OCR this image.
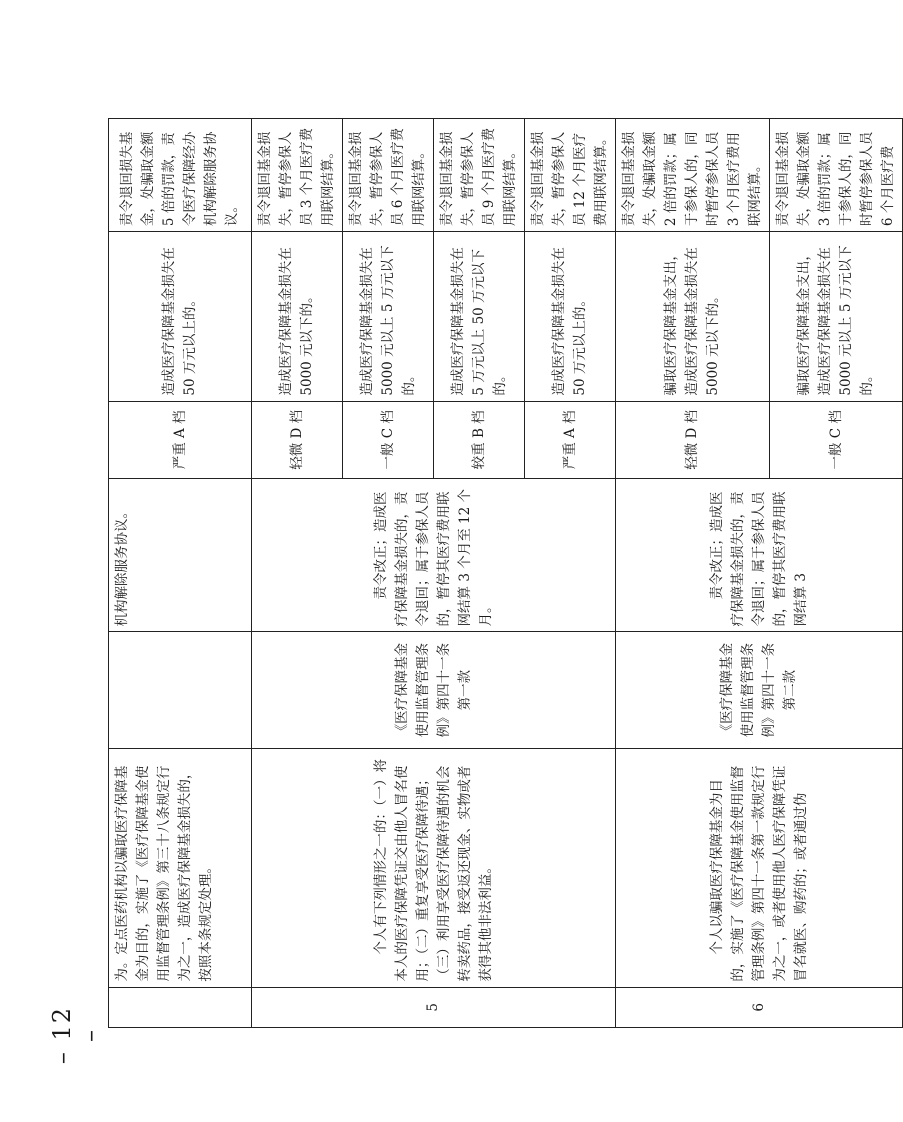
	为。定点医药机构以骗取医疗保障基金为目的，实施了《医疗保障基金使用监督管理条例》第三十八条规定行为之一，造成医疗保障基金损失的，按照本条规定处理。		机构解除服务协议。	严重 A 档	造成医疗保障基金损失在 50 万元以上的。	责令退回损失基金，处骗取金额 5 倍的罚款，责令医疗保障经办机构解除服务协议。
5	个人有下列情形之一的：（一）将本人的医疗保障凭证交由他人冒名使用；（二）重复享受医疗保障待遇；（三）利用享受医疗保障待遇的机会转卖药品，接受返还现金、实物或者获得其他非法利益。	《医疗保障基金使用监督管理条例》第四十一条第一款	责令改正；造成医疗保障基金损失的，责令退回；属于参保人员的，暂停其医疗费用联网结算 3 个月至 12 个月。	轻微 D 档	造成医疗保障基金损失在 5000 元以下的。	责令退回基金损失，暂停参保人员 3 个月医疗费用联网结算。
				一般 C 档	造成医疗保障基金损失在 5000 元以上 5 万元以下的。	责令退回基金损失，暂停参保人员 6 个月医疗费用联网结算。
				较重 B 档	造成医疗保障基金损失在 5 万元以上 50 万元以下的。	责令退回基金损失，暂停参保人员 9 个月医疗费用联网结算。
				严重 A 档	造成医疗保障基金损失在 50 万元以上的。	责令退回基金损失，暂停参保人员 12 个月医疗费用联网结算。
6	个人以骗取医疗保障基金为目的，实施了《医疗保障基金使用监督管理条例》第四十一条第一款规定行为之一，或者使用他人医疗保障凭证冒名就医、购药的；或者通过伪	《医疗保障基金使用监督管理条例》第四十一条第二款	责令改正；造成医疗保障基金损失的，责令退回；属于参保人员的，暂停其医疗费用联网结算 3	轻微 D 档	骗取医疗保障基金支出，造成医疗保障基金损失在 5000 元以下的。	责令退回基金损失，处骗取金额 2 倍的罚款；属于参保人的，同时暂停参保人员 3 个月医疗费用联网结算。
				一般 C 档	骗取医疗保障基金支出，造成医疗保障基金损失在 5000 元以上 5 万元以下的。	责令退回基金损失，处骗取金额 3 倍的罚款；属于参保人的，同时暂停参保人员 6 个月医疗费
– 12 –
